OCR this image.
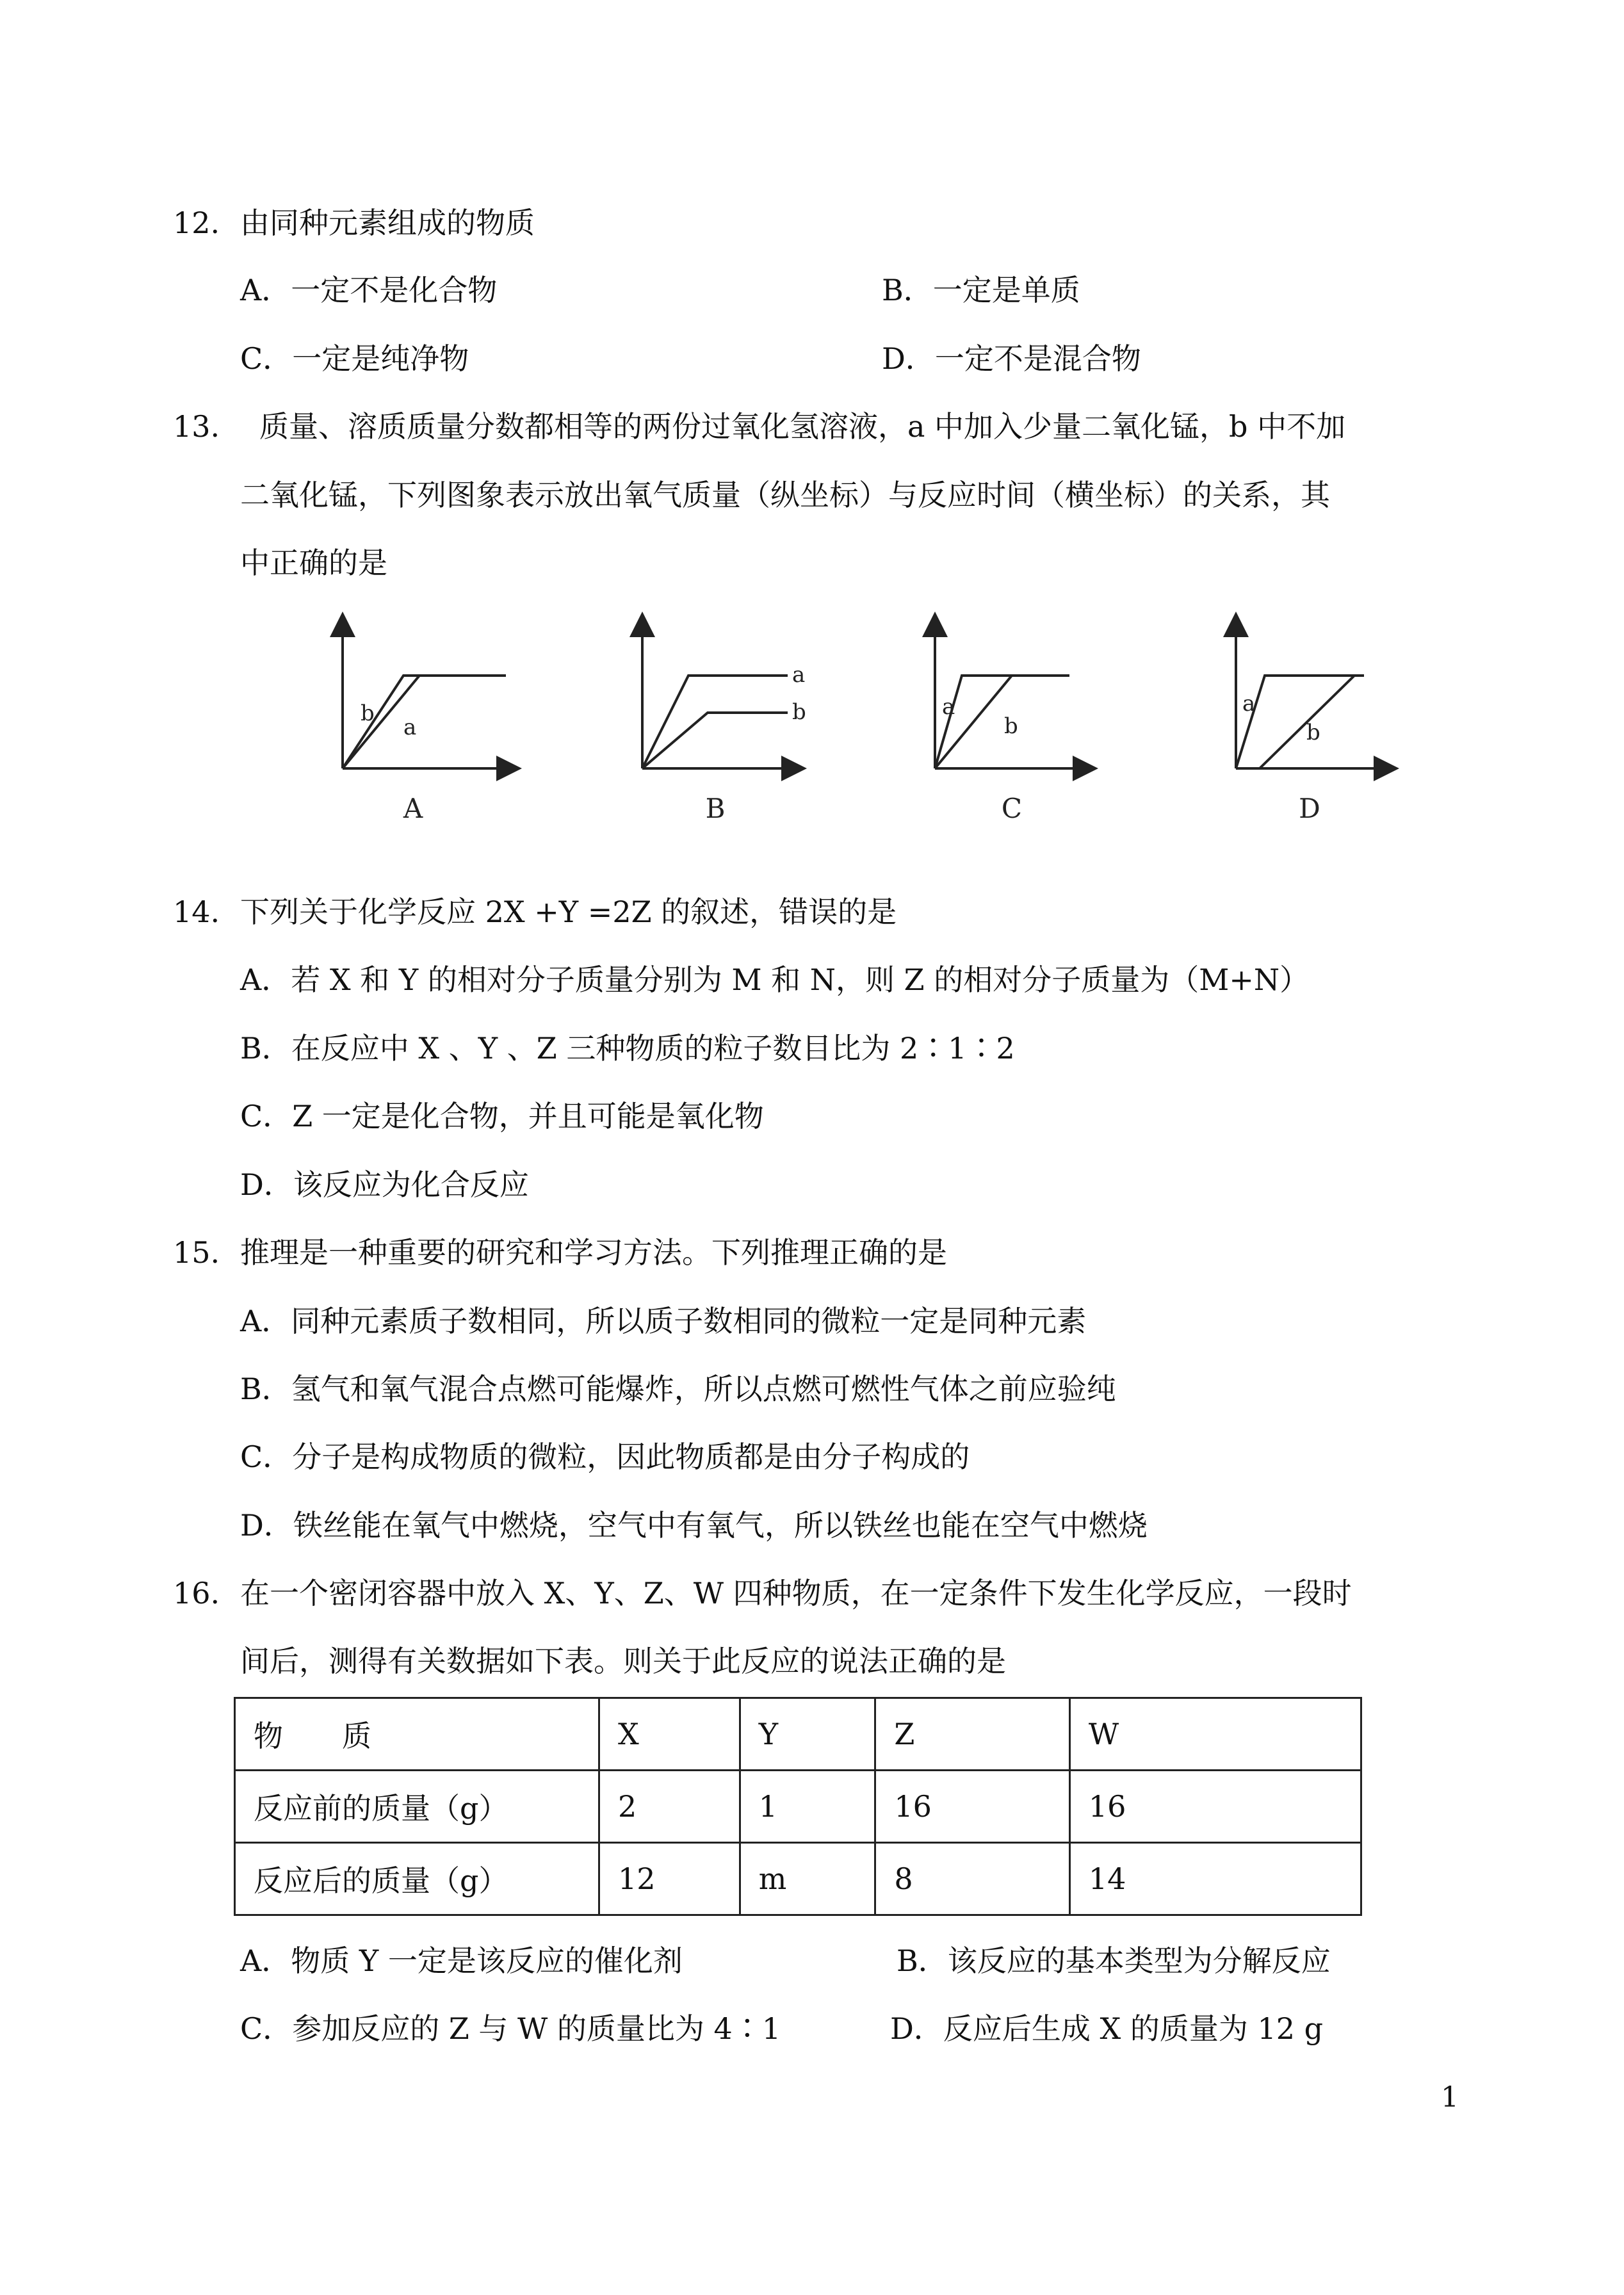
12. 由同种元素组成的物质
A．一定不是化合物	B．一定是单质
C．一定是纯净物	D．一定不是混合物
13. 质量、溶质质量分数都相等的两份过氧化氢溶液，a 中加入少量二氧化锰，b 中不加
二氧化锰，下列图象表示放出氧气质量（纵坐标）与反应时间（横坐标）的关系，其
中正确的是
b
a
A
a
b
B
a
b
C
a
b
D
14. 下列关于化学反应 2X +Y =2Z 的叙述，错误的是
A．若 X 和 Y 的相对分子质量分别为 M 和 N，则 Z 的相对分子质量为（M+N）
B．在反应中 X 、Y 、Z 三种物质的粒子数目比为 2∶1∶2
C．Z 一定是化合物，并且可能是氧化物
D．该反应为化合反应
15. 推理是一种重要的研究和学习方法。下列推理正确的是
A．同种元素质子数相同，所以质子数相同的微粒一定是同种元素
B．氢气和氧气混合点燃可能爆炸，所以点燃可燃性气体之前应验纯
C．分子是构成物质的微粒，因此物质都是由分子构成的
D．铁丝能在氧气中燃烧，空气中有氧气，所以铁丝也能在空气中燃烧
16. 在一个密闭容器中放入 X、Y、Z、W 四种物质，在一定条件下发生化学反应，一段时
间后，测得有关数据如下表。则关于此反应的说法正确的是
物　　质	X	Y	Z	W
反应前的质量（g）	2	1	16	16
反应后的质量（g）	12	m	8	14
A．物质 Y 一定是该反应的催化剂	B．该反应的基本类型为分解反应
C．参加反应的 Z 与 W 的质量比为 4∶1	D．反应后生成 X 的质量为 12 g
1
